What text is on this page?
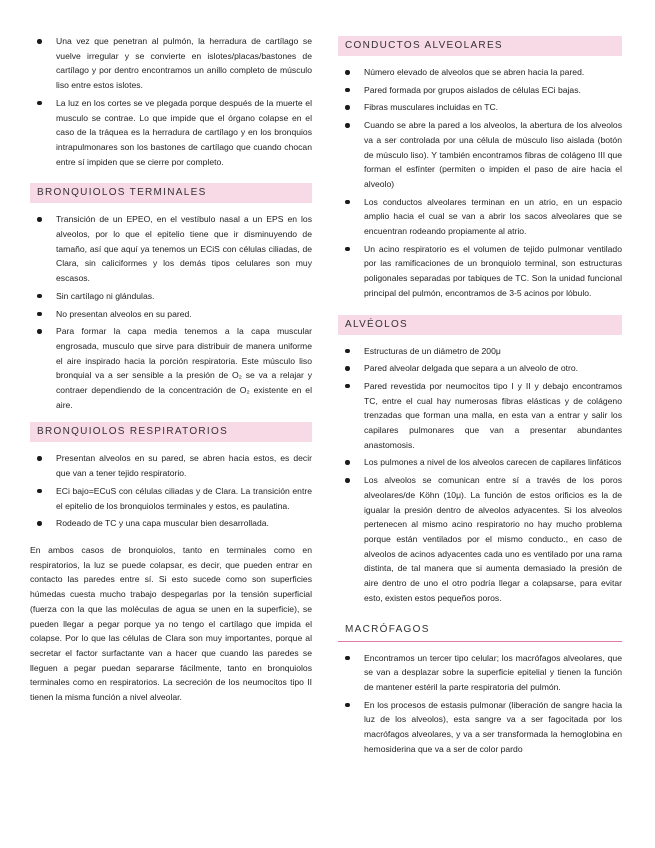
Una vez que penetran al pulmón, la herradura de cartílago se vuelve irregular y se convierte en islotes/placas/bastones de cartílago y por dentro encontramos un anillo completo de músculo liso entre estos islotes.
La luz en los cortes se ve plegada porque después de la muerte el musculo se contrae. Lo que impide que el órgano colapse en el caso de la tráquea es la herradura de cartílago y en los bronquios intrapulmonares son los bastones de cartílago que cuando chocan entre sí impiden que se cierre por completo.
BRONQUIOLOS TERMINALES
Transición de un EPEO, en el vestíbulo nasal a un EPS en los alveolos, por lo que el epitelio tiene que ir disminuyendo de tamaño, así que aquí ya tenemos un ECiS con células ciliadas, de Clara, sin caliciformes y los demás tipos celulares son muy escasos.
Sin cartílago ni glándulas.
No presentan alveolos en su pared.
Para formar la capa media tenemos a la capa muscular engrosada, musculo que sirve para distribuir de manera uniforme el aire inspirado hacia la porción respiratoria. Este músculo liso bronquial va a ser sensible a la presión de O₂ se va a relajar y contraer dependiendo de la concentración de O₂ existente en el aire.
BRONQUIOLOS RESPIRATORIOS
Presentan alveolos en su pared, se abren hacia estos, es decir que van a tener tejido respiratorio.
ECi bajo=ECuS con células ciliadas y de Clara. La transición entre el epitelio de los bronquiolos terminales y estos, es paulatina.
Rodeado de TC y una capa muscular bien desarrollada.

En ambos casos de bronquiolos, tanto en terminales como en respiratorios, la luz se puede colapsar, es decir, que pueden entrar en contacto las paredes entre sí. Si esto sucede como son superficies húmedas cuesta mucho trabajo despegarlas por la tensión superficial (fuerza con la que las moléculas de agua se unen en la superficie), se pueden llegar a pegar porque ya no tengo el cartílago que impida el colapse. Por lo que las células de Clara son muy importantes, porque al secretar el factor surfactante van a hacer que cuando las paredes se lleguen a pegar puedan separarse fácilmente, tanto en bronquiolos terminales como en respiratorios. La secreción de los neumocitos tipo II tienen la misma función a nivel alveolar.

CONDUCTOS ALVEOLARES
Número elevado de alveolos que se abren hacia la pared.
Pared formada por grupos aislados de células ECi bajas.
Fibras musculares incluidas en TC.
Cuando se abre la pared a los alveolos, la abertura de los alveolos va a ser controlada por una célula de músculo liso aislada (botón de músculo liso). Y también encontramos fibras de colágeno III que forman el esfínter (permiten o impiden el paso de aire hacia el alveolo)
Los conductos alveolares terminan en un atrio, en un espacio amplio hacia el cual se van a abrir los sacos alveolares que se encuentran rodeando propiamente al atrio.
Un acino respiratorio es el volumen de tejido pulmonar ventilado por las ramificaciones de un bronquiolo terminal, son estructuras poligonales separadas por tabiques de TC. Son la unidad funcional principal del pulmón, encontramos de 3-5 acinos por lóbulo.
ALVÉOLOS
Estructuras de un diámetro de 200μ
Pared alveolar delgada que separa a un alveolo de otro.
Pared revestida por neumocitos tipo I y II y debajo encontramos TC, entre el cual hay numerosas fibras elásticas y de colágeno trenzadas que forman una malla, en esta van a entrar y salir los capilares pulmonares que van a presentar abundantes anastomosis.
Los pulmones a nivel de los alveolos carecen de capilares linfáticos
Los alveolos se comunican entre sí a través de los poros alveolares/de Köhn (10μ). La función de estos orificios es la de igualar la presión dentro de alveolos adyacentes. Si los alveolos pertenecen al mismo acino respiratorio no hay mucho problema porque están ventilados por el mismo conducto., en caso de alveolos de acinos adyacentes cada uno es ventilado por una rama distinta, de tal manera que si aumenta demasiado la presión de aire dentro de uno el otro podría llegar a colapsarse, para evitar esto, existen estos pequeños poros.
MACRÓFAGOS
Encontramos un tercer tipo celular; los macrófagos alveolares, que se van a desplazar sobre la superficie epitelial y tienen la función de mantener estéril la parte respiratoria del pulmón.
En los procesos de estasis pulmonar (liberación de sangre hacia la luz de los alveolos), esta sangre va a ser fagocitada por los macrófagos alveolares, y va a ser transformada la hemoglobina en hemosiderina que va a ser de color pardo
